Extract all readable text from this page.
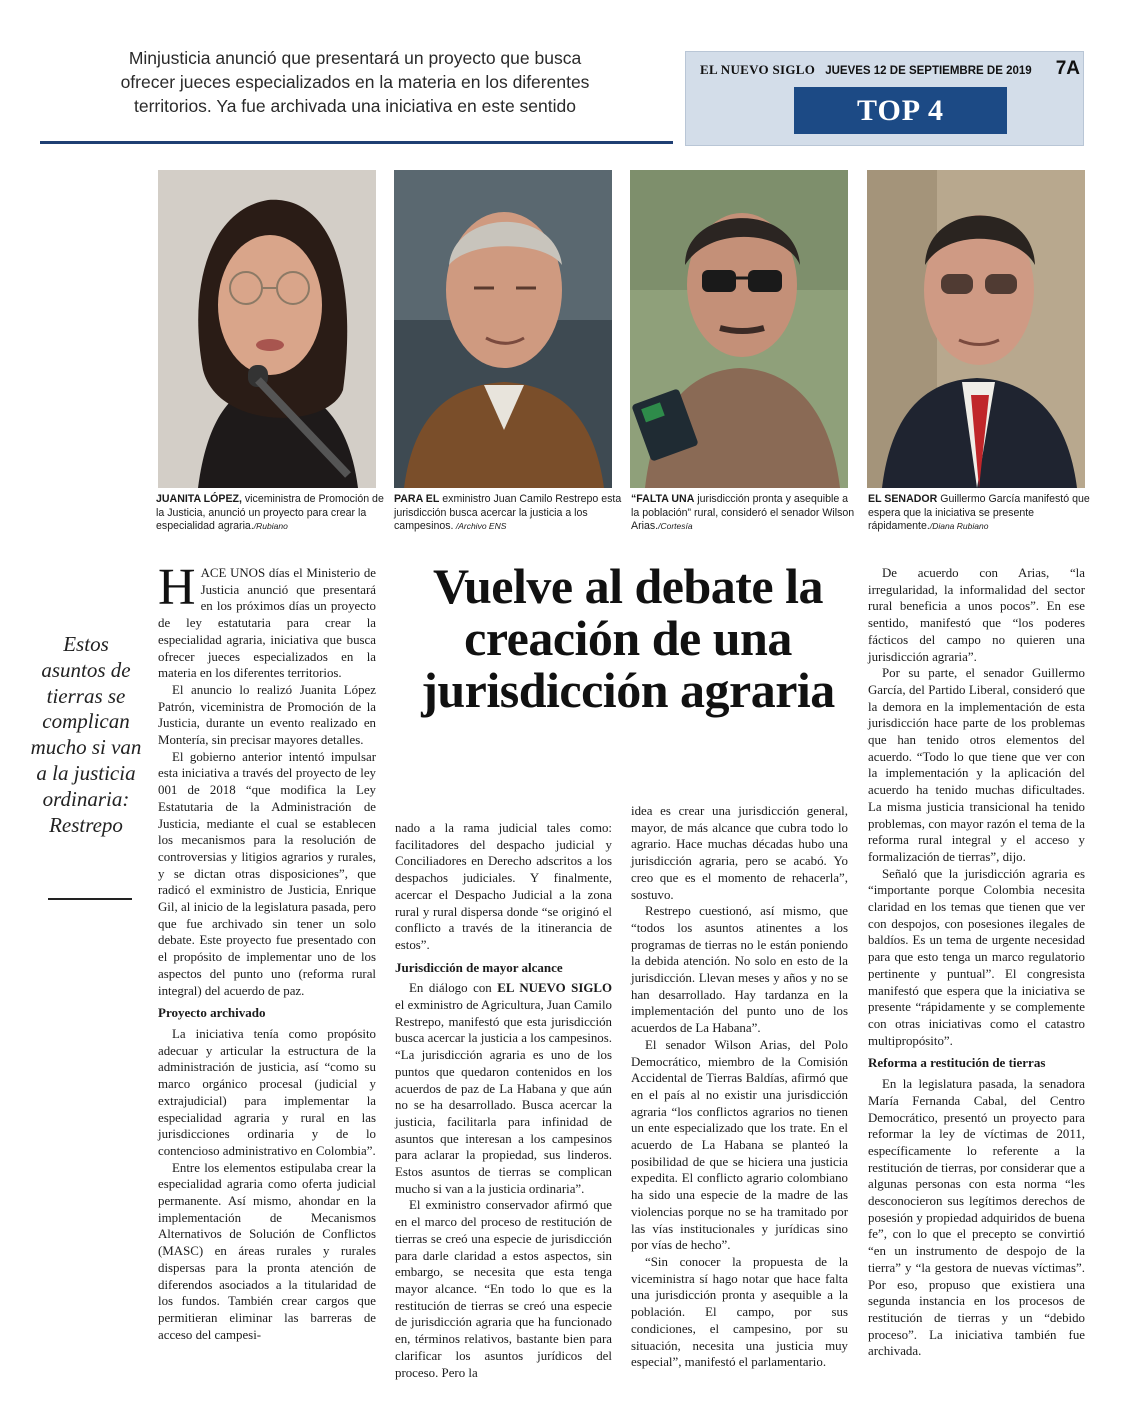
Minjusticia anunció que presentará un proyecto que busca
ofrecer jueces especializados en la materia en los diferentes
territorios. Ya fue archivada una iniciativa en este sentido
EL NUEVO SIGLO JUEVES 12 DE SEPTIEMBRE DE 2019 7A
TOP 4
JUANITA LÓPEZ, viceministra de Promoción de la Justicia, anunció un proyecto para crear la especialidad agraria./Rubiano
PARA EL exministro Juan Camilo Restrepo esta jurisdicción busca acercar la justicia a los campesinos. /Archivo ENS
“FALTA UNA jurisdicción pronta y asequible a la población” rural, consideró el senador Wilson Arias./Cortesía
EL SENADOR Guillermo García manifestó que espera que la iniciativa se presente rápidamente./Diana Rubiano
Estos asuntos de tierras se complican mucho si van a la justicia ordinaria: Restrepo
Vuelve al debate la creación de una jurisdicción agraria

HACE UNOS días el Ministerio de Justicia anunció que presentará en los próximos días un proyecto de ley estatutaria para crear la especialidad agraria, iniciativa que busca ofrecer jueces especializados en la materia en los diferentes territorios.

El anuncio lo realizó Juanita López Patrón, viceministra de Promoción de la Justicia, durante un evento realizado en Montería, sin precisar mayores detalles.

El gobierno anterior intentó impulsar esta iniciativa a través del proyecto de ley 001 de 2018 “que modifica la Ley Estatutaria de la Administración de Justicia, mediante el cual se establecen los mecanismos para la resolución de controversias y litigios agrarios y rurales, y se dictan otras disposiciones”, que radicó el exministro de Justicia, Enrique Gil, al inicio de la legislatura pasada, pero que fue archivado sin tener un solo debate. Este proyecto fue presentado con el propósito de implementar uno de los aspectos del punto uno (reforma rural integral) del acuerdo de paz.

Proyecto archivado

La iniciativa tenía como propósito adecuar y articular la estructura de la administración de justicia, así “como su marco orgánico procesal (judicial y extrajudicial) para implementar la especialidad agraria y rural en las jurisdicciones ordinaria y de lo contencioso administrativo en Colombia”.

Entre los elementos estipulaba crear la especialidad agraria como oferta judicial permanente. Así mismo, ahondar en la implementación de Mecanismos Alternativos de Solución de Conflictos (MASC) en áreas rurales y rurales dispersas para la pronta atención de diferendos asociados a la titularidad de los fundos. También crear cargos que permitieran eliminar las barreras de acceso del campesi-

nado a la rama judicial tales como: facilitadores del despacho judicial y Conciliadores en Derecho adscritos a los despachos judiciales. Y finalmente, acercar el Despacho Judicial a la zona rural y rural dispersa donde “se originó el conflicto a través de la itinerancia de estos”.

Jurisdicción de mayor alcance

En diálogo con EL NUEVO SIGLO el exministro de Agricultura, Juan Camilo Restrepo, manifestó que esta jurisdicción busca acercar la justicia a los campesinos. “La jurisdicción agraria es uno de los puntos que quedaron contenidos en los acuerdos de paz de La Habana y que aún no se ha desarrollado. Busca acercar la justicia, facilitarla para infinidad de asuntos que interesan a los campesinos para aclarar la propiedad, sus linderos. Estos asuntos de tierras se complican mucho si van a la justicia ordinaria”.

El exministro conservador afirmó que en el marco del proceso de restitución de tierras se creó una especie de jurisdicción para darle claridad a estos aspectos, sin embargo, se necesita que esta tenga mayor alcance. “En todo lo que es la restitución de tierras se creó una especie de jurisdicción agraria que ha funcionado en, términos relativos, bastante bien para clarificar los asuntos jurídicos del proceso. Pero la

idea es crear una jurisdicción general, mayor, de más alcance que cubra todo lo agrario. Hace muchas décadas hubo una jurisdicción agraria, pero se acabó. Yo creo que es el momento de rehacerla”, sostuvo.

Restrepo cuestionó, así mismo, que “todos los asuntos atinentes a los programas de tierras no le están poniendo la debida atención. No solo en esto de la jurisdicción. Llevan meses y años y no se han desarrollado. Hay tardanza en la implementación del punto uno de los acuerdos de La Habana”.

El senador Wilson Arias, del Polo Democrático, miembro de la Comisión Accidental de Tierras Baldías, afirmó que en el país al no existir una jurisdicción agraria “los conflictos agrarios no tienen un ente especializado que los trate. En el acuerdo de La Habana se planteó la posibilidad de que se hiciera una justicia expedita. El conflicto agrario colombiano ha sido una especie de la madre de las violencias porque no se ha tramitado por las vías institucionales y jurídicas sino por vías de hecho”.

“Sin conocer la propuesta de la viceministra sí hago notar que hace falta una jurisdicción pronta y asequible a la población. El campo, por sus condiciones, el campesino, por su situación, necesita una justicia muy especial”, manifestó el parlamentario.

De acuerdo con Arias, “la irregularidad, la informalidad del sector rural beneficia a unos pocos”. En ese sentido, manifestó que “los poderes fácticos del campo no quieren una jurisdicción agraria”.

Por su parte, el senador Guillermo García, del Partido Liberal, consideró que la demora en la implementación de esta jurisdicción hace parte de los problemas que han tenido otros elementos del acuerdo. “Todo lo que tiene que ver con la implementación y la aplicación del acuerdo ha tenido muchas dificultades. La misma justicia transicional ha tenido problemas, con mayor razón el tema de la reforma rural integral y el acceso y formalización de tierras”, dijo.

Señaló que la jurisdicción agraria es “importante porque Colombia necesita claridad en los temas que tienen que ver con despojos, con posesiones ilegales de baldíos. Es un tema de urgente necesidad para que esto tenga un marco regulatorio pertinente y puntual”. El congresista manifestó que espera que la iniciativa se presente “rápidamente y se complemente con otras iniciativas como el catastro multipropósito”.

Reforma a restitución de tierras

En la legislatura pasada, la senadora María Fernanda Cabal, del Centro Democrático, presentó un proyecto para reformar la ley de víctimas de 2011, específicamente lo referente a la restitución de tierras, por considerar que a algunas personas con esta norma “les desconocieron sus legítimos derechos de posesión y propiedad adquiridos de buena fe”, con lo que el precepto se convirtió “en un instrumento de despojo de la tierra” y “la gestora de nuevas víctimas”. Por eso, propuso que existiera una segunda instancia en los procesos de restitución de tierras y un “debido proceso”. La iniciativa también fue archivada.
